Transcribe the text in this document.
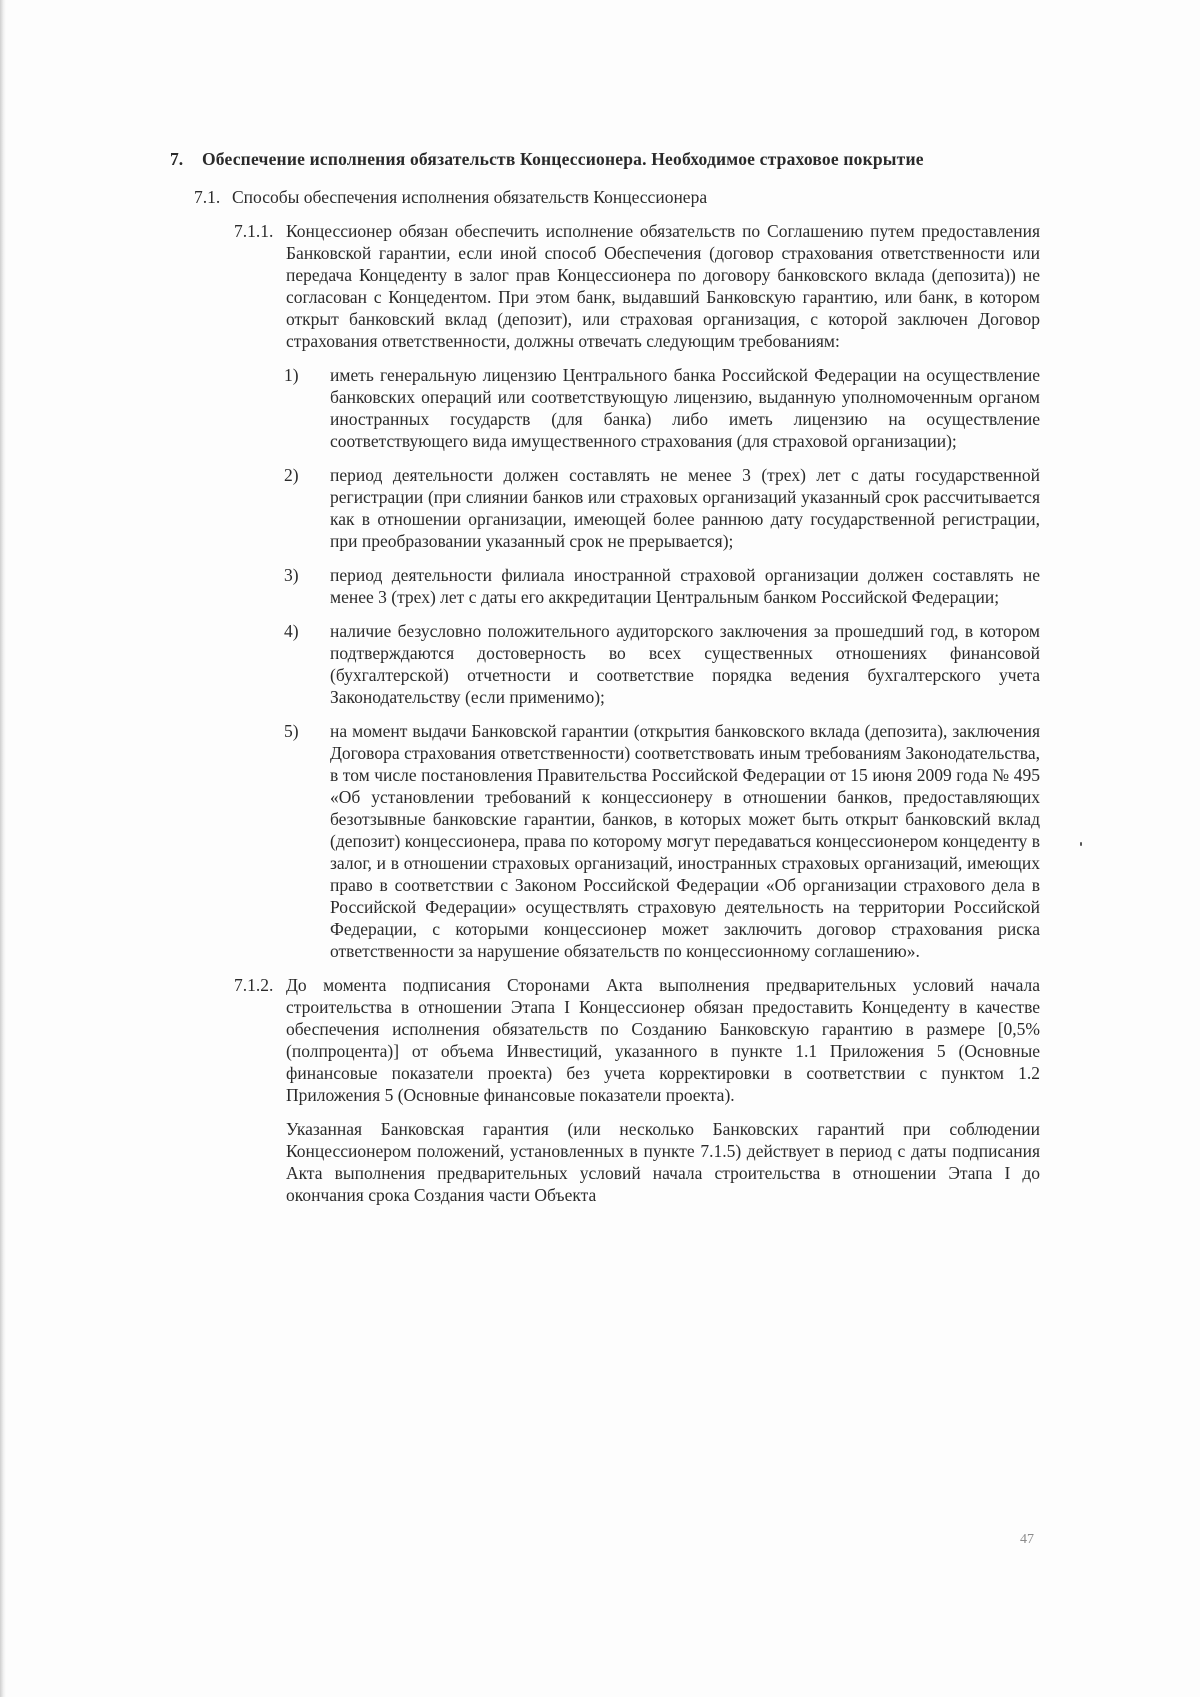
7.	Обеспечение исполнения обязательств Концессионера. Необходимое страховое покрытие
7.1. Способы обеспечения исполнения обязательств Концессионера
7.1.1. Концессионер обязан обеспечить исполнение обязательств по Соглашению путем предоставления Банковской гарантии, если иной способ Обеспечения (договор страхования ответственности или передача Концеденту в залог прав Концессионера по договору банковского вклада (депозита)) не согласован с Концедентом. При этом банк, выдавший Банковскую гарантию, или банк, в котором открыт банковский вклад (депозит), или страховая организация, с которой заключен Договор страхования ответственности, должны отвечать следующим требованиям:
1)	иметь генеральную лицензию Центрального банка Российской Федерации на осуществление банковских операций или соответствующую лицензию, выданную уполномоченным органом иностранных государств (для банка) либо иметь лицензию на осуществление соответствующего вида имущественного страхования (для страховой организации);
2)	период деятельности должен составлять не менее 3 (трех) лет с даты государственной регистрации (при слиянии банков или страховых организаций указанный срок рассчитывается как в отношении организации, имеющей более раннюю дату государственной регистрации, при преобразовании указанный срок не прерывается);
3)	период деятельности филиала иностранной страховой организации должен составлять не менее 3 (трех) лет с даты его аккредитации Центральным банком Российской Федерации;
4)	наличие безусловно положительного аудиторского заключения за прошедший год, в котором подтверждаются достоверность во всех существенных отношениях финансовой (бухгалтерской) отчетности и соответствие порядка ведения бухгалтерского учета Законодательству (если применимо);
5)	на момент выдачи Банковской гарантии (открытия банковского вклада (депозита), заключения Договора страхования ответственности) соответствовать иным требованиям Законодательства, в том числе постановления Правительства Российской Федерации от 15 июня 2009 года № 495 «Об установлении требований к концессионеру в отношении банков, предоставляющих безотзывные банковские гарантии, банков, в которых может быть открыт банковский вклад (депозит) концессионера, права по которому могут передаваться концессионером концеденту в залог, и в отношении страховых организаций, иностранных страховых организаций, имеющих право в соответствии с Законом Российской Федерации «Об организации страхового дела в Российской Федерации» осуществлять страховую деятельность на территории Российской Федерации, с которыми концессионер может заключить договор страхования риска ответственности за нарушение обязательств по концессионному соглашению».
7.1.2. До момента подписания Сторонами Акта выполнения предварительных условий начала строительства в отношении Этапа I Концессионер обязан предоставить Концеденту в качестве обеспечения исполнения обязательств по Созданию Банковскую гарантию в размере [0,5% (полпроцента)] от объема Инвестиций, указанного в пункте 1.1 Приложения 5 (Основные финансовые показатели проекта) без учета корректировки в соответствии с пунктом 1.2 Приложения 5 (Основные финансовые показатели проекта).
Указанная Банковская гарантия (или несколько Банковских гарантий при соблюдении Концессионером положений, установленных в пункте 7.1.5) действует в период с даты подписания Акта выполнения предварительных условий начала строительства в отношении Этапа I до окончания срока Создания части Объекта
47
